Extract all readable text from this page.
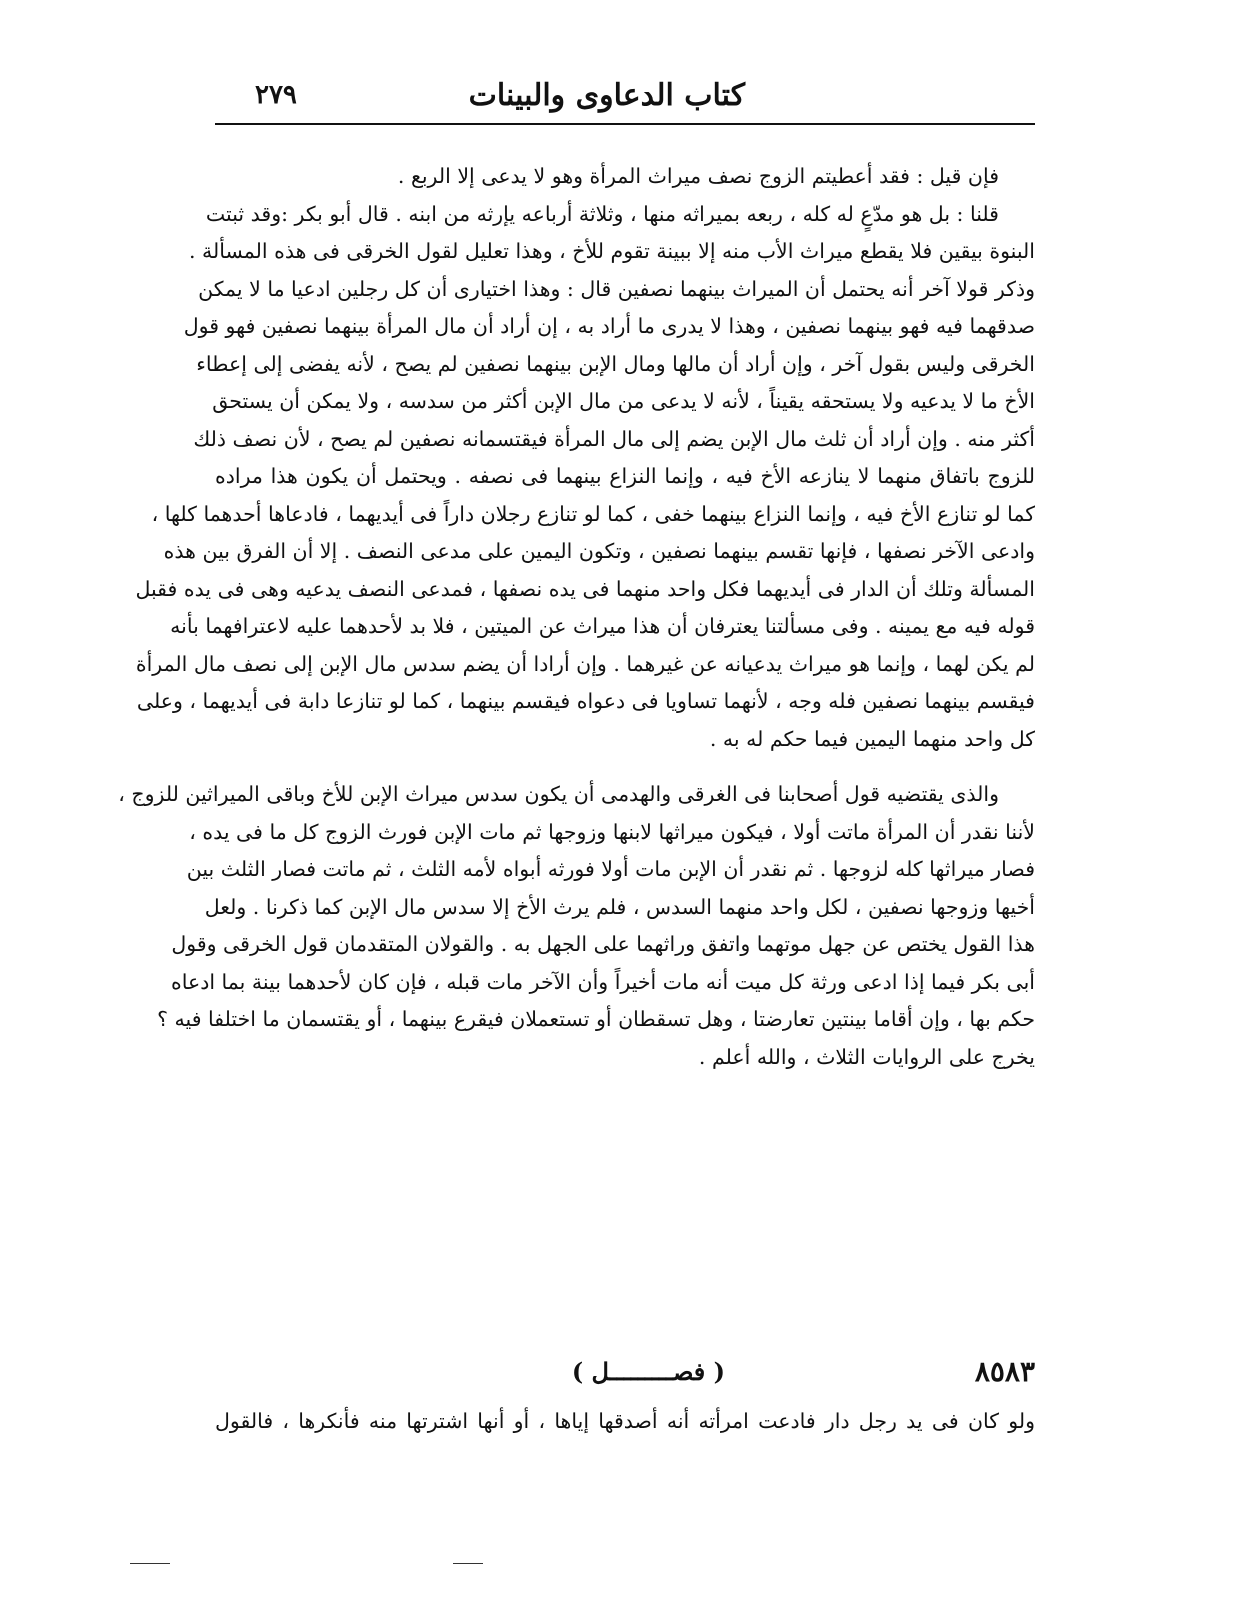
كتاب الدعاوى والبينات
٢٧٩
فإن قيل : فقد أعطيتم الزوج نصف ميراث المرأة وهو لا يدعى إلا الربع .
قلنا : بل هو مدّعٍ له كله ، ربعه بميراثه منها ، وثلاثة أرباعه يإرثه من ابنه . قال أبو بكر :وقد ثبتت
البنوة بيقين فلا يقطع ميراث الأب منه إلا ببينة تقوم للأخ ، وهذا تعليل لقول الخرقى فى هذه المسألة .
وذكر قولا آخر أنه يحتمل أن الميراث بينهما نصفين قال : وهذا اختيارى أن كل رجلين ادعيا ما لا يمكن
صدقهما فيه فهو بينهما نصفين ، وهذا لا يدرى ما أراد به ، إن أراد أن مال المرأة بينهما نصفين فهو قول
الخرقى وليس بقول آخر ، وإن أراد أن مالها ومال الإبن بينهما نصفين لم يصح ، لأنه يفضى إلى إعطاء
الأخ ما لا يدعيه ولا يستحقه يقيناً ، لأنه لا يدعى من مال الإبن أكثر من سدسه ، ولا يمكن أن يستحق
أكثر منه . وإن أراد أن ثلث مال الإبن يضم إلى مال المرأة فيقتسمانه نصفين لم يصح ، لأن نصف ذلك
للزوج باتفاق منهما لا ينازعه الأخ فيه ، وإنما النزاع بينهما فى نصفه . ويحتمل أن يكون هذا مراده
كما لو تنازع الأخ فيه ، وإنما النزاع بينهما خفى ، كما لو تنازع رجلان داراً فى أيديهما ، فادعاها أحدهما كلها ،
وادعى الآخر نصفها ، فإنها تقسم بينهما نصفين ، وتكون اليمين على مدعى النصف . إلا أن الفرق بين هذه
المسألة وتلك أن الدار فى أيديهما فكل واحد منهما فى يده نصفها ، فمدعى النصف يدعيه وهى فى يده فقبل
قوله فيه مع يمينه . وفى مسألتنا يعترفان أن هذا ميراث عن الميتين ، فلا بد لأحدهما عليه لاعترافهما بأنه
لم يكن لهما ، وإنما هو ميراث يدعيانه عن غيرهما . وإن أرادا أن يضم سدس مال الإبن إلى نصف مال المرأة
فيقسم بينهما نصفين فله وجه ، لأنهما تساويا فى دعواه فيقسم بينهما ، كما لو تنازعا دابة فى أيديهما ، وعلى
كل واحد منهما اليمين فيما حكم له به .
والذى يقتضيه قول أصحابنا فى الغرقى والهدمى أن يكون سدس ميراث الإبن للأخ وباقى الميراثين للزوج ،
لأننا نقدر أن المرأة ماتت أولا ، فيكون ميراثها لابنها وزوجها ثم مات الإبن فورث الزوج كل ما فى يده ،
فصار ميراثها كله لزوجها . ثم نقدر أن الإبن مات أولا فورثه أبواه لأمه الثلث ، ثم ماتت فصار الثلث بين
أخيها وزوجها نصفين ، لكل واحد منهما السدس ، فلم يرث الأخ إلا سدس مال الإبن كما ذكرنا . ولعل
هذا القول يختص عن جهل موتهما واتفق وراثهما على الجهل به . والقولان المتقدمان قول الخرقى وقول
أبى بكر فيما إذا ادعى ورثة كل ميت أنه مات أخيراً وأن الآخر مات قبله ، فإن كان لأحدهما بينة بما ادعاه
حكم بها ، وإن أقاما بينتين تعارضتا ، وهل تسقطان أو تستعملان فيقرع بينهما ، أو يقتسمان ما اختلفا فيه ؟
يخرج على الروايات الثلاث ، والله أعلم .
٨٥٨٣
( فصـــــــــل )
ولو كان فى يد رجل دار فادعت امرأته أنه أصدقها إياها ، أو أنها اشترتها منه فأنكرها ، فالقول
